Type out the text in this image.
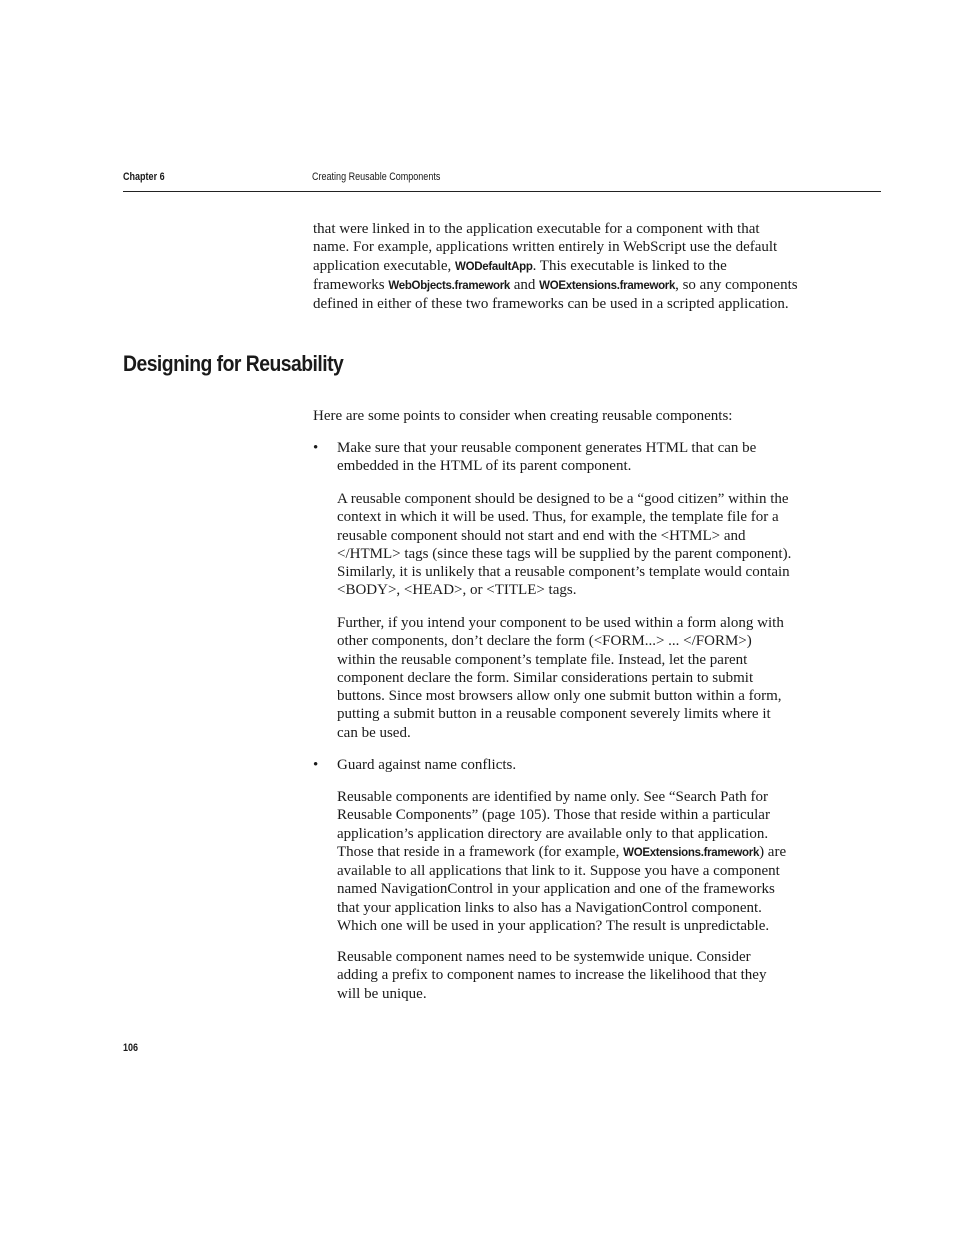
Chapter 6	Creating Reusable Components

that were linked in to the application executable for a component with that name. For example, applications written entirely in WebScript use the default application executable, WODefaultApp. This executable is linked to the frameworks WebObjects.framework and WOExtensions.framework, so any components defined in either of these two frameworks can be used in a scripted application.

Designing for Reusability

Here are some points to consider when creating reusable components:

• Make sure that your reusable component generates HTML that can be embedded in the HTML of its parent component.

A reusable component should be designed to be a “good citizen” within the context in which it will be used. Thus, for example, the template file for a reusable component should not start and end with the <HTML> and </HTML> tags (since these tags will be supplied by the parent component). Similarly, it is unlikely that a reusable component’s template would contain <BODY>, <HEAD>, or <TITLE> tags.

Further, if you intend your component to be used within a form along with other components, don’t declare the form (<FORM...> ... </FORM>) within the reusable component’s template file. Instead, let the parent component declare the form. Similar considerations pertain to submit buttons. Since most browsers allow only one submit button within a form, putting a submit button in a reusable component severely limits where it can be used.

• Guard against name conflicts.

Reusable components are identified by name only. See “Search Path for Reusable Components” (page 105). Those that reside within a particular application’s application directory are available only to that application. Those that reside in a framework (for example, WOExtensions.framework) are available to all applications that link to it. Suppose you have a component named NavigationControl in your application and one of the frameworks that your application links to also has a NavigationControl component. Which one will be used in your application? The result is unpredictable.

Reusable component names need to be systemwide unique. Consider adding a prefix to component names to increase the likelihood that they will be unique.

106
